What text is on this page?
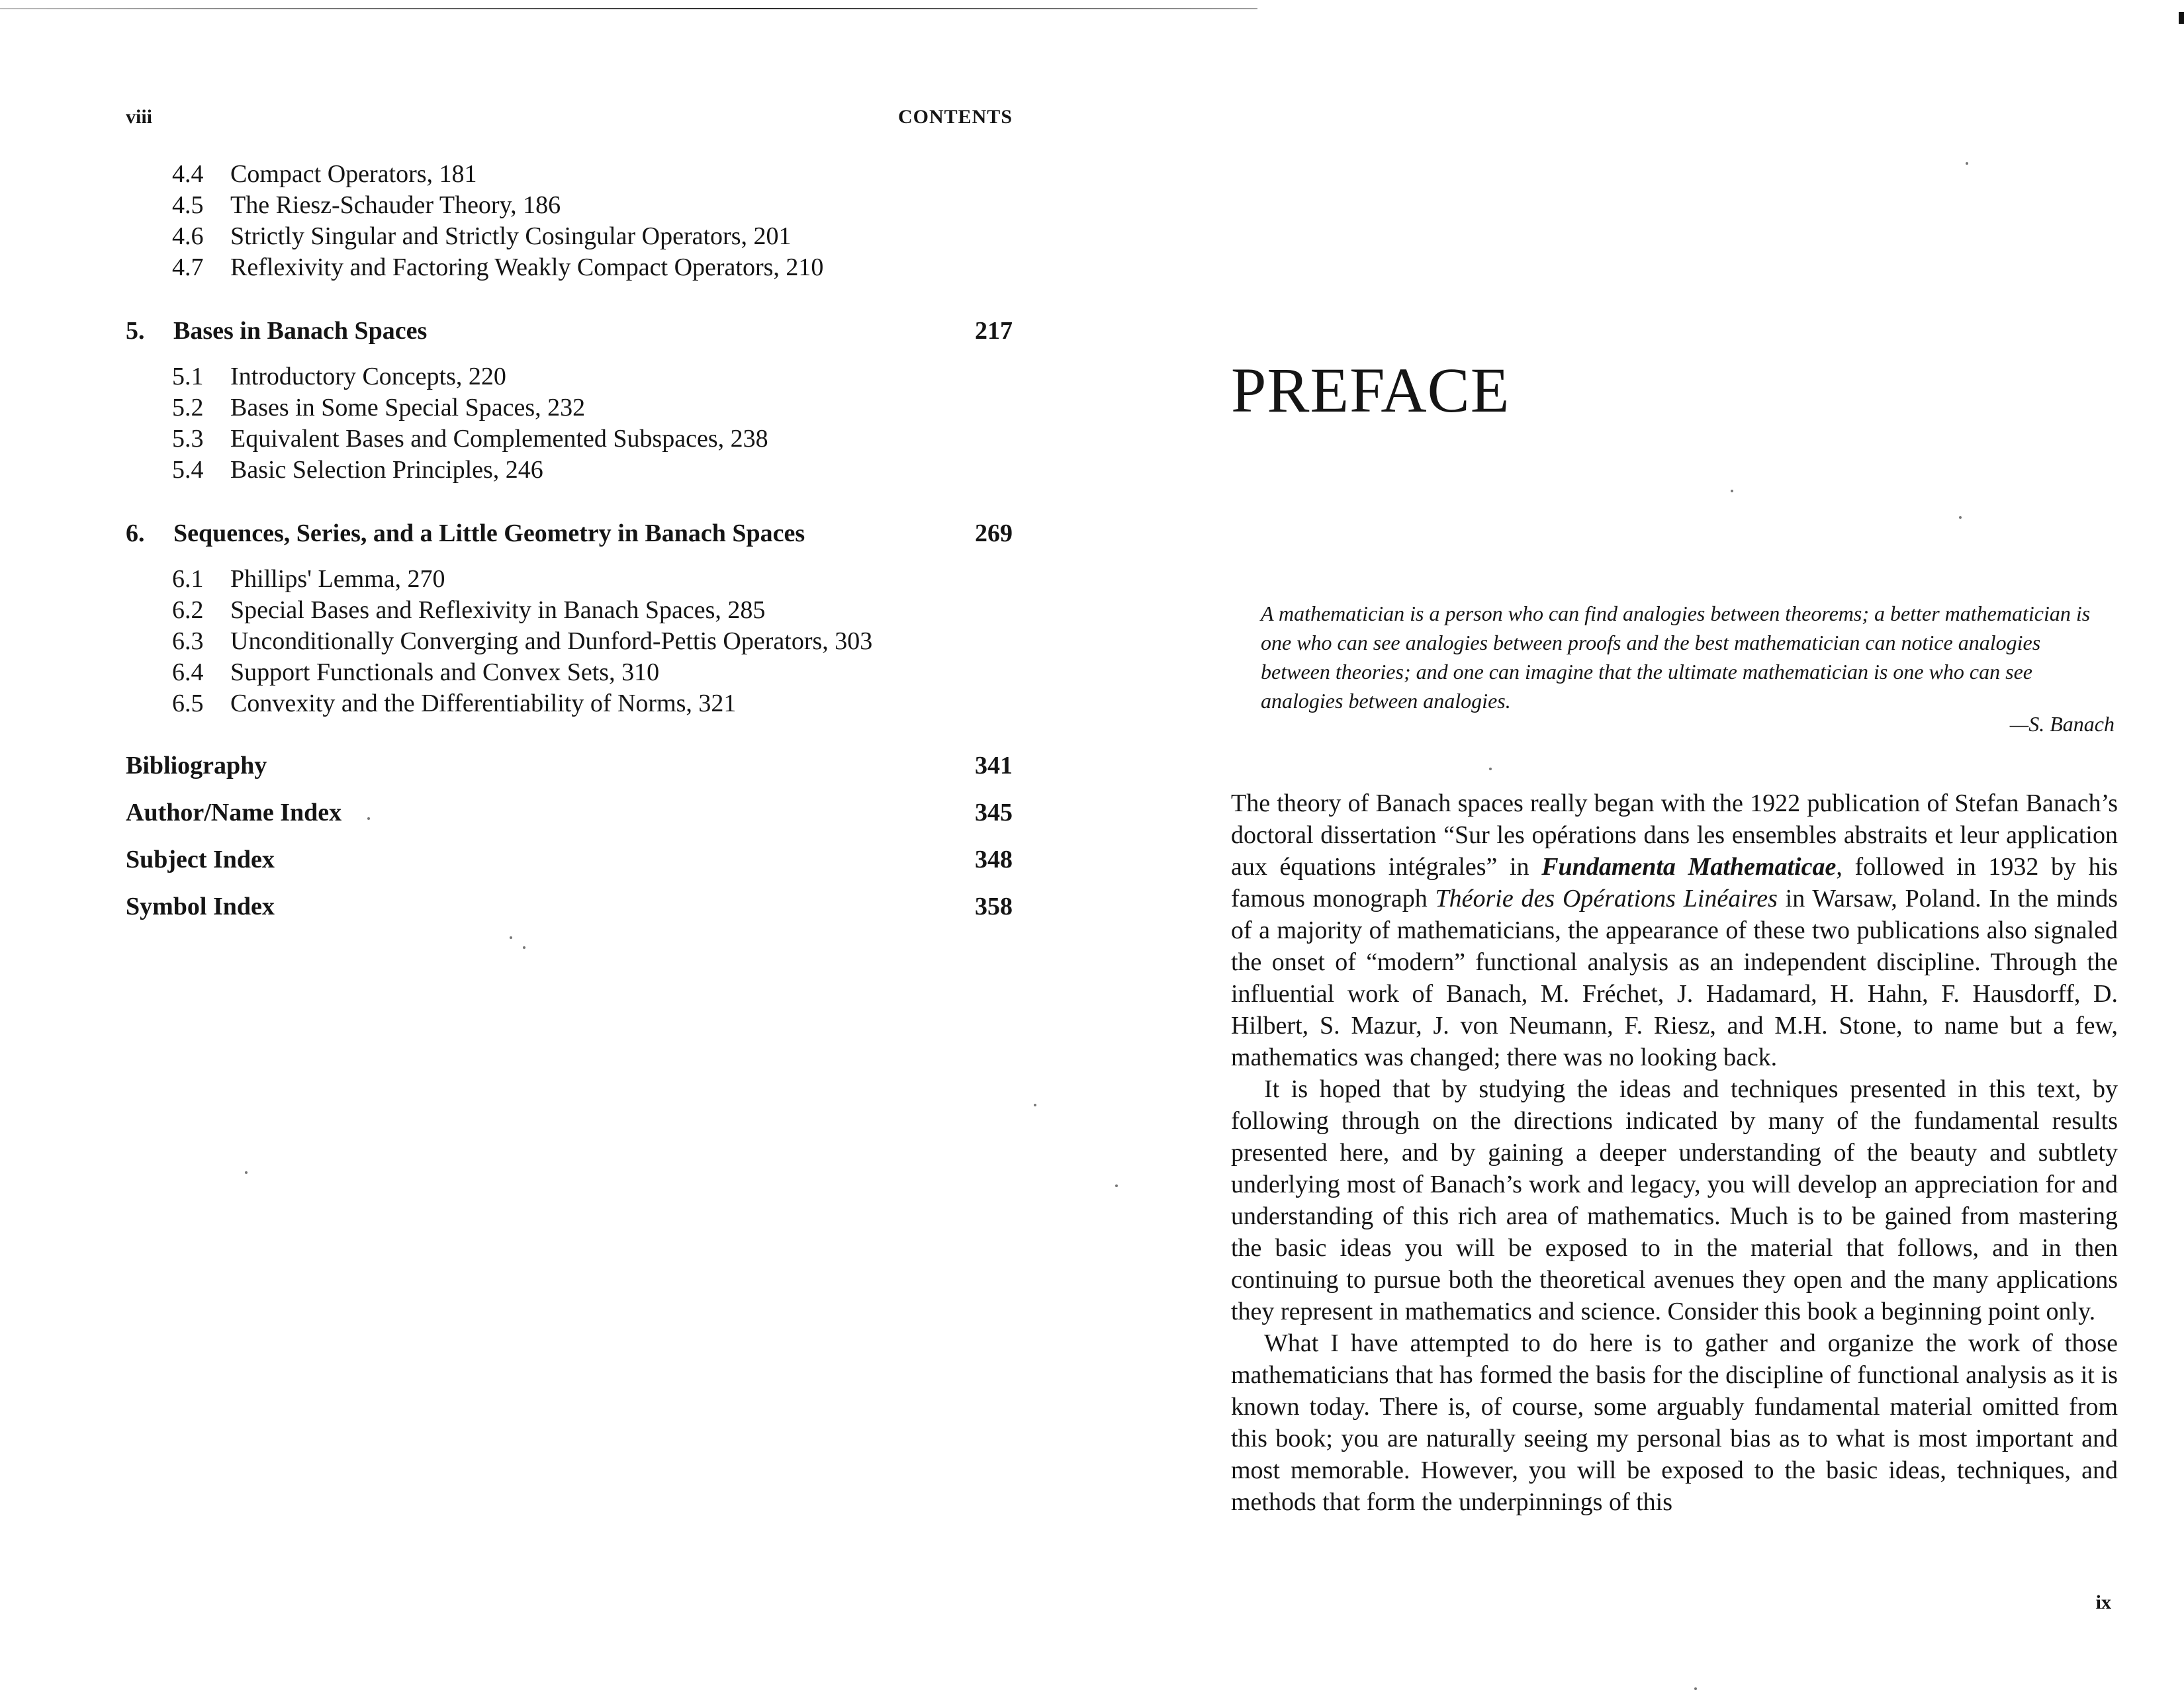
viii	CONTENTS
4.4	Compact Operators, 181
4.5	The Riesz-Schauder Theory, 186
4.6	Strictly Singular and Strictly Cosingular Operators, 201
4.7	Reflexivity and Factoring Weakly Compact Operators, 210
5.	Bases in Banach Spaces	217
5.1	Introductory Concepts, 220
5.2	Bases in Some Special Spaces, 232
5.3	Equivalent Bases and Complemented Subspaces, 238
5.4	Basic Selection Principles, 246
6.	Sequences, Series, and a Little Geometry in Banach Spaces	269
6.1	Phillips' Lemma, 270
6.2	Special Bases and Reflexivity in Banach Spaces, 285
6.3	Unconditionally Converging and Dunford-Pettis Operators, 303
6.4	Support Functionals and Convex Sets, 310
6.5	Convexity and the Differentiability of Norms, 321
Bibliography	341
Author/Name Index	345
Subject Index	348
Symbol Index	358
PREFACE
A mathematician is a person who can find analogies between theorems; a better mathematician is one who can see analogies between proofs and the best mathematician can notice analogies between theories; and one can imagine that the ultimate mathematician is one who can see analogies between analogies.
—S. Banach

The theory of Banach spaces really began with the 1922 publication of Stefan Banach’s doctoral dissertation “Sur les opérations dans les ensembles abstraits et leur application aux équations intégrales” in Fundamenta Mathematicae, followed in 1932 by his famous monograph Théorie des Opérations Linéaires in Warsaw, Poland. In the minds of a majority of mathematicians, the appearance of these two publications also signaled the onset of “modern” functional analysis as an independent discipline. Through the influential work of Banach, M. Fréchet, J. Hadamard, H. Hahn, F. Hausdorff, D. Hilbert, S. Mazur, J. von Neumann, F. Riesz, and M.H. Stone, to name but a few, mathematics was changed; there was no looking back.

It is hoped that by studying the ideas and techniques presented in this text, by following through on the directions indicated by many of the fundamental results presented here, and by gaining a deeper understanding of the beauty and subtlety underlying most of Banach’s work and legacy, you will develop an appreciation for and understanding of this rich area of mathematics. Much is to be gained from mastering the basic ideas you will be exposed to in the material that follows, and in then continuing to pursue both the theoretical avenues they open and the many applications they represent in mathematics and science. Consider this book a beginning point only.

What I have attempted to do here is to gather and organize the work of those mathematicians that has formed the basis for the discipline of functional analysis as it is known today. There is, of course, some arguably fundamental material omitted from this book; you are naturally seeing my personal bias as to what is most important and most memorable. However, you will be exposed to the basic ideas, techniques, and methods that form the underpinnings of this

ix
